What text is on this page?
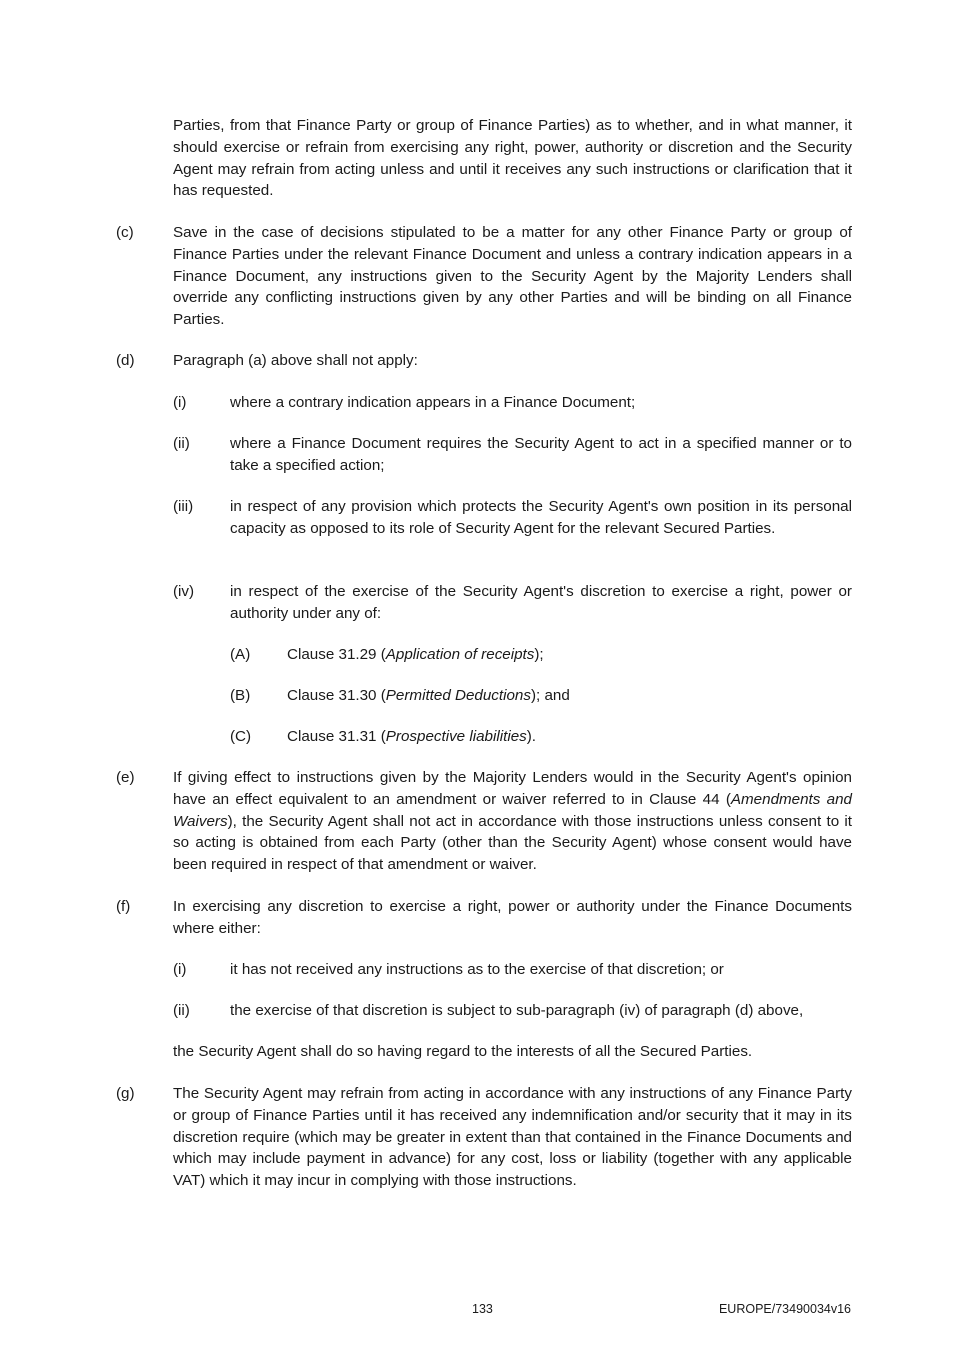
Parties, from that Finance Party or group of Finance Parties) as to whether, and in what manner, it should exercise or refrain from exercising any right, power, authority or discretion and the Security Agent may refrain from acting unless and until it receives any such instructions or clarification that it has requested.
(c)	Save in the case of decisions stipulated to be a matter for any other Finance Party or group of Finance Parties under the relevant Finance Document and unless a contrary indication appears in a Finance Document, any instructions given to the Security Agent by the Majority Lenders shall override any conflicting instructions given by any other Parties and will be binding on all Finance Parties.
(d)	Paragraph (a) above shall not apply:
(i)	where a contrary indication appears in a Finance Document;
(ii)	where a Finance Document requires the Security Agent to act in a specified manner or to take a specified action;
(iii) in respect of any provision which protects the Security Agent's own position in its personal capacity as opposed to its role of Security Agent for the relevant Secured Parties.
(iv) in respect of the exercise of the Security Agent's discretion to exercise a right, power or authority under any of:
(A) Clause 31.29 (Application of receipts);
(B) Clause 31.30 (Permitted Deductions); and
(C) Clause 31.31 (Prospective liabilities).
(e)	If giving effect to instructions given by the Majority Lenders would in the Security Agent's opinion have an effect equivalent to an amendment or waiver referred to in Clause 44 (Amendments and Waivers), the Security Agent shall not act in accordance with those instructions unless consent to it so acting is obtained from each Party (other than the Security Agent) whose consent would have been required in respect of that amendment or waiver.
(f)	In exercising any discretion to exercise a right, power or authority under the Finance Documents where either:
(i)	it has not received any instructions as to the exercise of that discretion; or
(ii)	the exercise of that discretion is subject to sub-paragraph (iv) of paragraph (d) above,
the Security Agent shall do so having regard to the interests of all the Secured Parties.
(g)	The Security Agent may refrain from acting in accordance with any instructions of any Finance Party or group of Finance Parties until it has received any indemnification and/or security that it may in its discretion require (which may be greater in extent than that contained in the Finance Documents and which may include payment in advance) for any cost, loss or liability (together with any applicable VAT) which it may incur in complying with those instructions.
133	EUROPE/73490034v16
